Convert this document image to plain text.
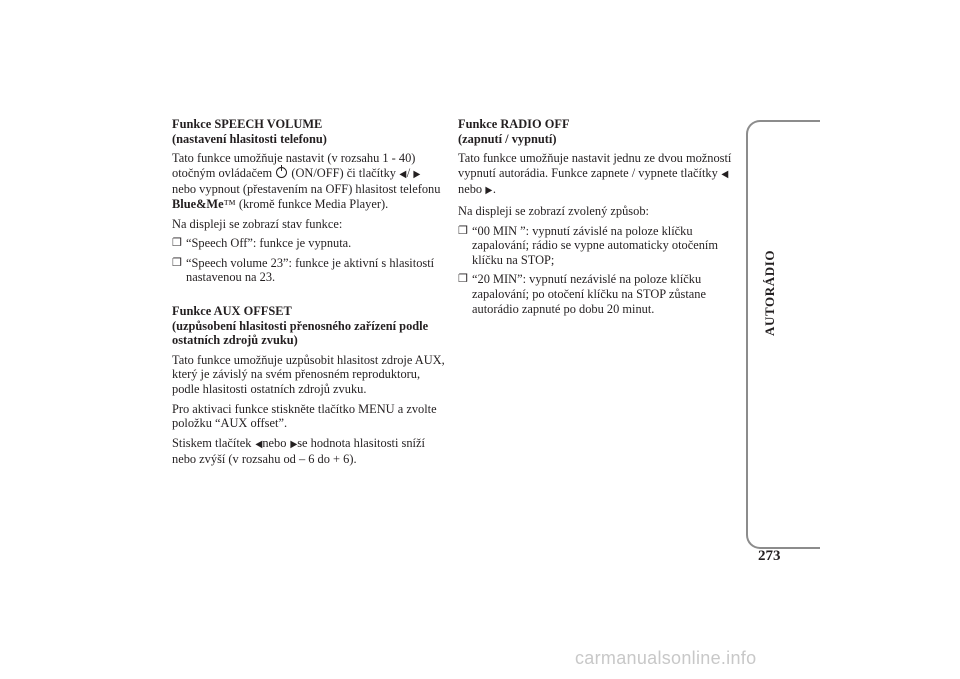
Funkce SPEECH VOLUME
(nastavení hlasitosti telefonu)

Tato funkce umožňuje nastavit (v rozsahu 1 - 40) otočným ovládačem (ON/OFF) či tlačítky ◀/ ▶ nebo vypnout (přestavením na OFF) hlasitost telefonu Blue&Me™ (kromě funkce Media Player).

Na displeji se zobrazí stav funkce:

❐ “Speech Off”: funkce je vypnuta.
❐ “Speech volume 23”: funkce je aktivní s hlasitostí nastavenou na 23.
Funkce AUX OFFSET
(uzpůsobení hlasitosti přenosného zařízení podle ostatních zdrojů zvuku)

Tato funkce umožňuje uzpůsobit hlasitost zdroje AUX, který je závislý na svém přenosném reproduktoru, podle hlasitosti ostatních zdrojů zvuku.

Pro aktivaci funkce stiskněte tlačítko MENU a zvolte položku “AUX offset”.

Stiskem tlačítek ◀nebo ▶se hodnota hlasitosti sníží nebo zvýší (v rozsahu od – 6 do + 6).

Funkce RADIO OFF
(zapnutí / vypnutí)

Tato funkce umožňuje nastavit jednu ze dvou možností vypnutí autorádia. Funkce zapnete / vypnete tlačítky ◀nebo ▶.

Na displeji se zobrazí zvolený způsob:

❐ “00 MIN ”: vypnutí závislé na poloze klíčku zapalování; rádio se vypne automaticky otočením klíčku na STOP;
❐ “20 MIN”: vypnutí nezávislé na poloze klíčku zapalování; po otočení klíčku na STOP zůstane autorádio zapnuté po dobu 20 minut.	AUTORÁDIO
273
carmanualsonline.info
